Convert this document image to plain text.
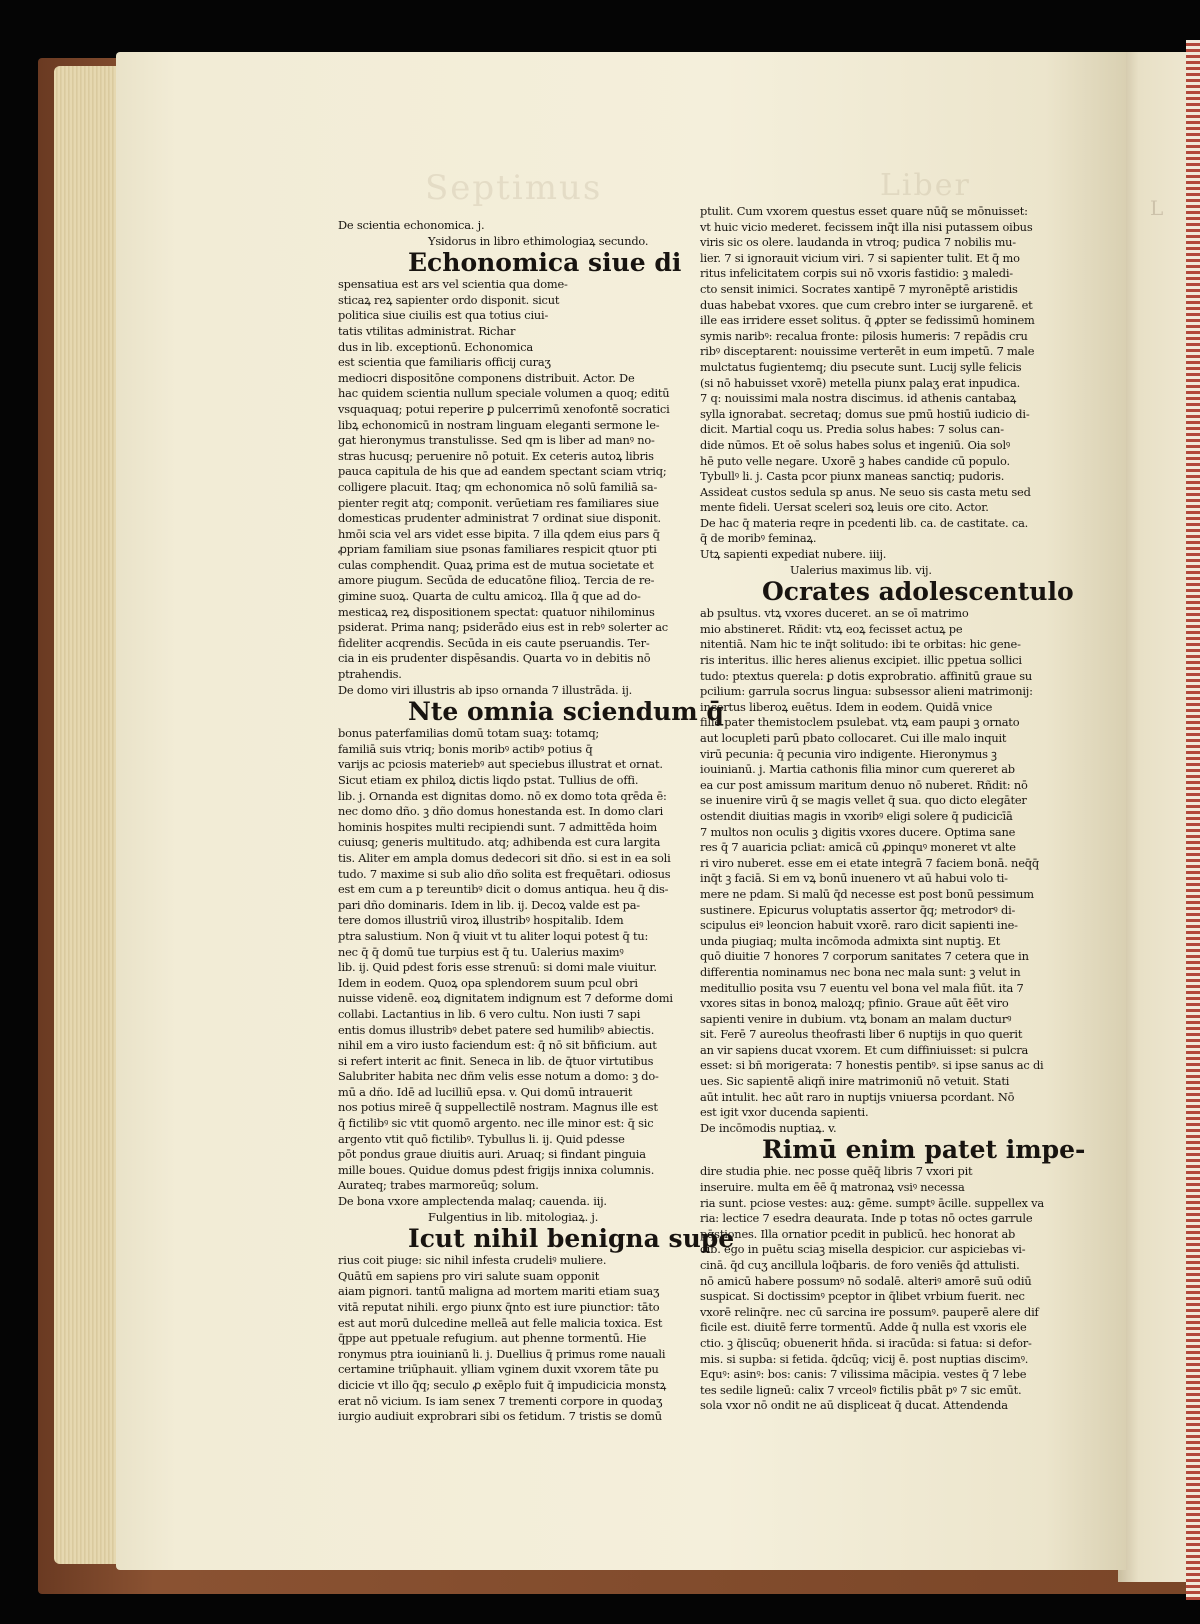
Septimus	Liber
L
De scientia echonomica. j.
Ysidorus in libro ethimologiaꝝ secundo.
Echonomica siue di
spensatiua est ars vel scientia qua dome-
sticaꝝ reꝝ sapienter ordo disponit. sicut
politica siue ciuilis est qua totius ciui-
tatis vtilitas administrat. Richar
dus in lib. exceptionū. Echonomica
est scientia que familiaris officij curaʒ
mediocri dispositōne componens distribuit. Actor. De
hac quidem scientia nullum speciale volumen a quoq; editū
vsquaquaq; potui reperire ꝑ pulcerrimū xenofontē socratici
libꝝ echonomicū in nostram linguam eleganti sermone le-
gat hieronymus transtulisse. Sed qm is liber ad manꝰ no-
stras hucusq; peruenire nō potuit. Ex ceteris autoꝝ libris
pauca capitula de his que ad eandem spectant sciam vtriq;
colligere placuit. Itaq; qm echonomica nō solū familiā sa-
pienter regit atq; componit. verūetiam res familiares siue
domesticas prudenter administrat 7 ordinat siue disponit.
hmōi scia vel ars videt esse bipita. 7 illa qdem eius pars q̄
ꝓpriam familiam siue psonas familiares respicit qtuor pti
culas comphendit. Quaꝝ prima est de mutua societate et
amore piugum. Secūda de educatōne filioꝝ. Tercia de re-
gimine suoꝝ. Quarta de cultu amicoꝝ. Illa q̄ que ad do-
mesticaꝝ reꝝ dispositionem spectat: quatuor nihilominus
psiderat. Prima nanq; psiderādo eius est in rebꝰ solerter ac
fideliter acqrendis. Secūda in eis caute pseruandis. Ter-
cia in eis prudenter dispēsandis. Quarta vo in debitis nō
ptrahendis.
De domo viri illustris ab ipso ornanda 7 illustrāda. ij.
Nte omnia sciendum q̄
bonus paterfamilias domū totam suaʒ: totamq;
familiā suis vtriq; bonis moribꝰ actibꝰ potius q̄
varijs ac pciosis materiebꝰ aut speciebus illustrat et ornat.
Sicut etiam ex philoꝝ dictis liqdo pstat. Tullius de offi.
lib. j. Ornanda est dignitas domo. nō ex domo tota qrēda ē:
nec domo dño. ꝫ dño domus honestanda est. In domo clari
hominis hospites multi recipiendi sunt. 7 admittēda hoim
cuiusq; generis multitudo. atq; adhibenda est cura largita
tis. Aliter em ampla domus dedecori sit dño. si est in ea soli
tudo. 7 maxime si sub alio dño solita est frequētari. odiosus
est em cum a p tereuntibꝰ dicit o domus antiqua. heu q̄ dis-
pari dño dominaris. Idem in lib. ij. Decoꝝ valde est pa-
tere domos illustriū viroꝝ illustribꝰ hospitalib. Idem
ptra salustium. Non q̄ viuit vt tu aliter loqui potest q̄ tu:
nec q̄ q̄ domū tue turpius est q̄ tu. Ualerius maximꝰ
lib. ij. Quid pdest foris esse strenuū: si domi male viuitur.
Idem in eodem. Quoꝝ opa splendorem suum pcul obri
nuisse videnē. eoꝝ dignitatem indignum est 7 deforme domi
collabi. Lactantius in lib. 6 vero cultu. Non iusti 7 sapi
entis domus illustribꝰ debet patere sed humilibꝰ abiectis.
nihil em a viro iusto faciendum est: q̄ nō sit bn̄ficium. aut
si refert interit ac finit. Seneca in lib. de q̄tuor virtutibus
Salubriter habita nec dñm velis esse notum a domo: ꝫ do-
mū a dño. Idē ad lucilliū epsa. v. Qui domū intrauerit
nos potius mireē q̄ suppellectilē nostram. Magnus ille est
q̄ fictilibꝰ sic vtit quomō argento. nec ille minor est: q̄ sic
argento vtit quō fictilibꝰ. Tybullus li. ij. Quid pdesse
pōt pondus graue diuitis auri. Aruaq; si findant pinguia
mille boues. Quidue domus pdest frigijs innixa columnis.
Aurateq; trabes marmoreūq; solum.
De bona vxore amplectenda malaq; cauenda. iij.
Fulgentius in lib. mitologiaꝝ. j.
Icut nihil benigna supe
rius coit piuge: sic nihil infesta crudeliꝰ muliere.
Quātū em sapiens pro viri salute suam opponit
aiam pignori. tantū maligna ad mortem mariti etiam suaʒ
vitā reputat nihili. ergo piunx q̄nto est iure piunctior: tāto
est aut morū dulcedine melleā aut felle malicia toxica. Est
q̄ppe aut ppetuale refugium. aut phenne tormentū. Hie
ronymus ptra iouinianū li. j. Duellius q̄ primus rome nauali
certamine triūphauit. ylliam vginem duxit vxorem tāte pu
dicicie vt illo q̄q; seculo ꝓ exēplo fuit q̄ impudicicia monstꝝ
erat nō vicium. Is iam senex 7 trementi corpore in quodaʒ
iurgio audiuit exprobrari sibi os fetidum. 7 tristis se domū
ptulit. Cum vxorem questus esset quare nūq̄ se mōnuisset:
vt huic vicio mederet. fecissem inq̄t illa nisi putassem oibus
viris sic os olere. laudanda in vtroq; pudica 7 nobilis mu-
lier. 7 si ignorauit vicium viri. 7 si sapienter tulit. Et q̄ mo
ritus infelicitatem corpis sui nō vxoris fastidio: ꝫ maledi-
cto sensit inimici. Socrates xantipē 7 myronēptē aristidis
duas habebat vxores. que cum crebro inter se iurgarenē. et
ille eas irridere esset solitus. q̄ ꝓpter se fedissimū hominem
symis naribꝰ: recalua fronte: pilosis humeris: 7 repādis cru
ribꝰ disceptarent: nouissime verterēt in eum impetū. 7 male
mulctatus fugientemq; diu psecute sunt. Lucij sylle felicis
(si nō habuisset vxorē) metella piunx palaʒ erat inpudica.
7 q: nouissimi mala nostra discimus. id athenis cantabaꝝ
sylla ignorabat. secretaq; domus sue pmū hostiū iudicio di-
dicit. Martial coqu us. Predia solus habes: 7 solus can-
dide nūmos. Et oē solus habes solus et ingeniū. Oia solꝰ
hē puto velle negare. Uxorē ꝫ habes candide cū populo.
Tybullꝰ li. j. Casta pcor piunx maneas sanctiq; pudoris.
Assideat custos sedula sp anus. Ne seuo sis casta metu sed
mente fideli. Uersat sceleri soꝝ leuis ore cito. Actor.
De hac q̄ materia reqre in pcedenti lib. ca. de castitate. ca.
q̄ de moribꝰ feminaꝝ.
Utꝝ sapienti expediat nubere. iiij.
Ualerius maximus lib. vij.
Ocrates adolescentulo
ab psultus. vtꝝ vxores duceret. an se oī matrimo
mio abstineret. Rñdit: vtꝝ eoꝝ fecisset actuꝝ pe
nitentiā. Nam hic te inq̄t solitudo: ibi te orbitas: hic gene-
ris interitus. illic heres alienus excipiet. illic ppetua sollici
tudo: ptextus querela: ꝑ dotis exprobratio. affinitū graue su
pcilium: garrula socrus lingua: subsessor alieni matrimonij:
incertus liberoꝝ euētus. Idem in eodem. Quidā vnice
filie pater themistoclem psulebat. vtꝝ eam paupi ꝫ ornato
aut locupleti parū pbato collocaret. Cui ille malo inquit
virū pecunia: q̄ pecunia viro indigente. Hieronymus ꝫ
iouinianū. j. Martia cathonis filia minor cum quereret ab
ea cur post amissum maritum denuo nō nuberet. Rñdit: nō
se inuenire virū q̄ se magis vellet q̄ sua. quo dicto elegāter
ostendit diuitias magis in vxoribꝰ eligi solere q̄ pudicicīā
7 multos non oculis ꝫ digitis vxores ducere. Optima sane
res q̄ 7 auaricia pcliat: amicā cū ꝓpinquꝰ moneret vt alte
ri viro nuberet. esse em ei etate integrā 7 faciem bonā. neq̄q̄
inq̄t ꝫ faciā. Si em vꝝ bonū inuenero vt aū habui volo ti-
mere ne pdam. Si malū q̄d necesse est post bonū pessimum
sustinere. Epicurus voluptatis assertor q̄q; metrodorꝰ di-
scipulus eiꝰ leoncion habuit vxorē. raro dicit sapienti ine-
unda piugiaq; multa incōmoda admixta sint nuptiꝫ. Et
quō diuitie 7 honores 7 corporum sanitates 7 cetera que in
differentia nominamus nec bona nec mala sunt: ꝫ velut in
meditullio posita vsu 7 euentu vel bona vel mala fiūt. ita 7
vxores sitas in bonoꝝ maloꝝq; pfinio. Graue aūt ēēt viro
sapienti venire in dubium. vtꝝ bonam an malam ducturꝰ
sit. Ferē 7 aureolus theofrasti liber 6 nuptijs in quo querit
an vir sapiens ducat vxorem. Et cum diffiniuisset: si pulcra
esset: si bn̄ morigerata: 7 honestis pentibꝰ. si ipse sanus ac di
ues. Sic sapientē aliqñ inire matrimoniū nō vetuit. Stati
aūt intulit. hec aūt raro in nuptijs vniuersa pcordant. Nō
est igit vxor ducenda sapienti.
De incōmodis nuptiaꝝ. v.
Rimū enim patet impe-
dire studia phie. nec posse quēq̄ libris 7 vxori pit
inseruire. multa em ēē q̄ matronaꝝ vsiꝰ necessa
ria sunt. pciose vestes: auꝝ: gēme. sumptꝰ ācille. suppellex va
ria: lectice 7 esedra deaurata. Inde p totas nō octes garrule
pq̄stiones. Illa ornatior pcedit in publicū. hec honorat ab
oib. ego in puētu sciaꝫ misella despicior. cur aspiciebas vi-
cinā. q̄d cuʒ ancillula loq̄baris. de foro veniēs q̄d attulisti.
nō amicū habere possumꝰ nō sodalē. alteriꝰ amorē suū odiū
suspicat. Si doctissimꝰ pceptor in q̄libet vrbium fuerit. nec
vxorē relinq̄re. nec cū sarcina ire possumꝰ. pauperē alere dif
ficile est. diuitē ferre tormentū. Adde q̄ nulla est vxoris ele
ctio. ꝫ q̄liscūq; obuenerit hñda. si iracūda: si fatua: si defor-
mis. si supba: si fetida. q̄dcūq; vicij ē. post nuptias discimꝰ.
Equꝰ: asinꝰ: bos: canis: 7 vilissima mācipia. vestes q̄ 7 lebe
tes sedile ligneū: calix 7 vrceolꝰ fictilis pbāt pꝰ 7 sic emūt.
sola vxor nō ondit ne aū displiceat q̄ ducat. Attendenda
